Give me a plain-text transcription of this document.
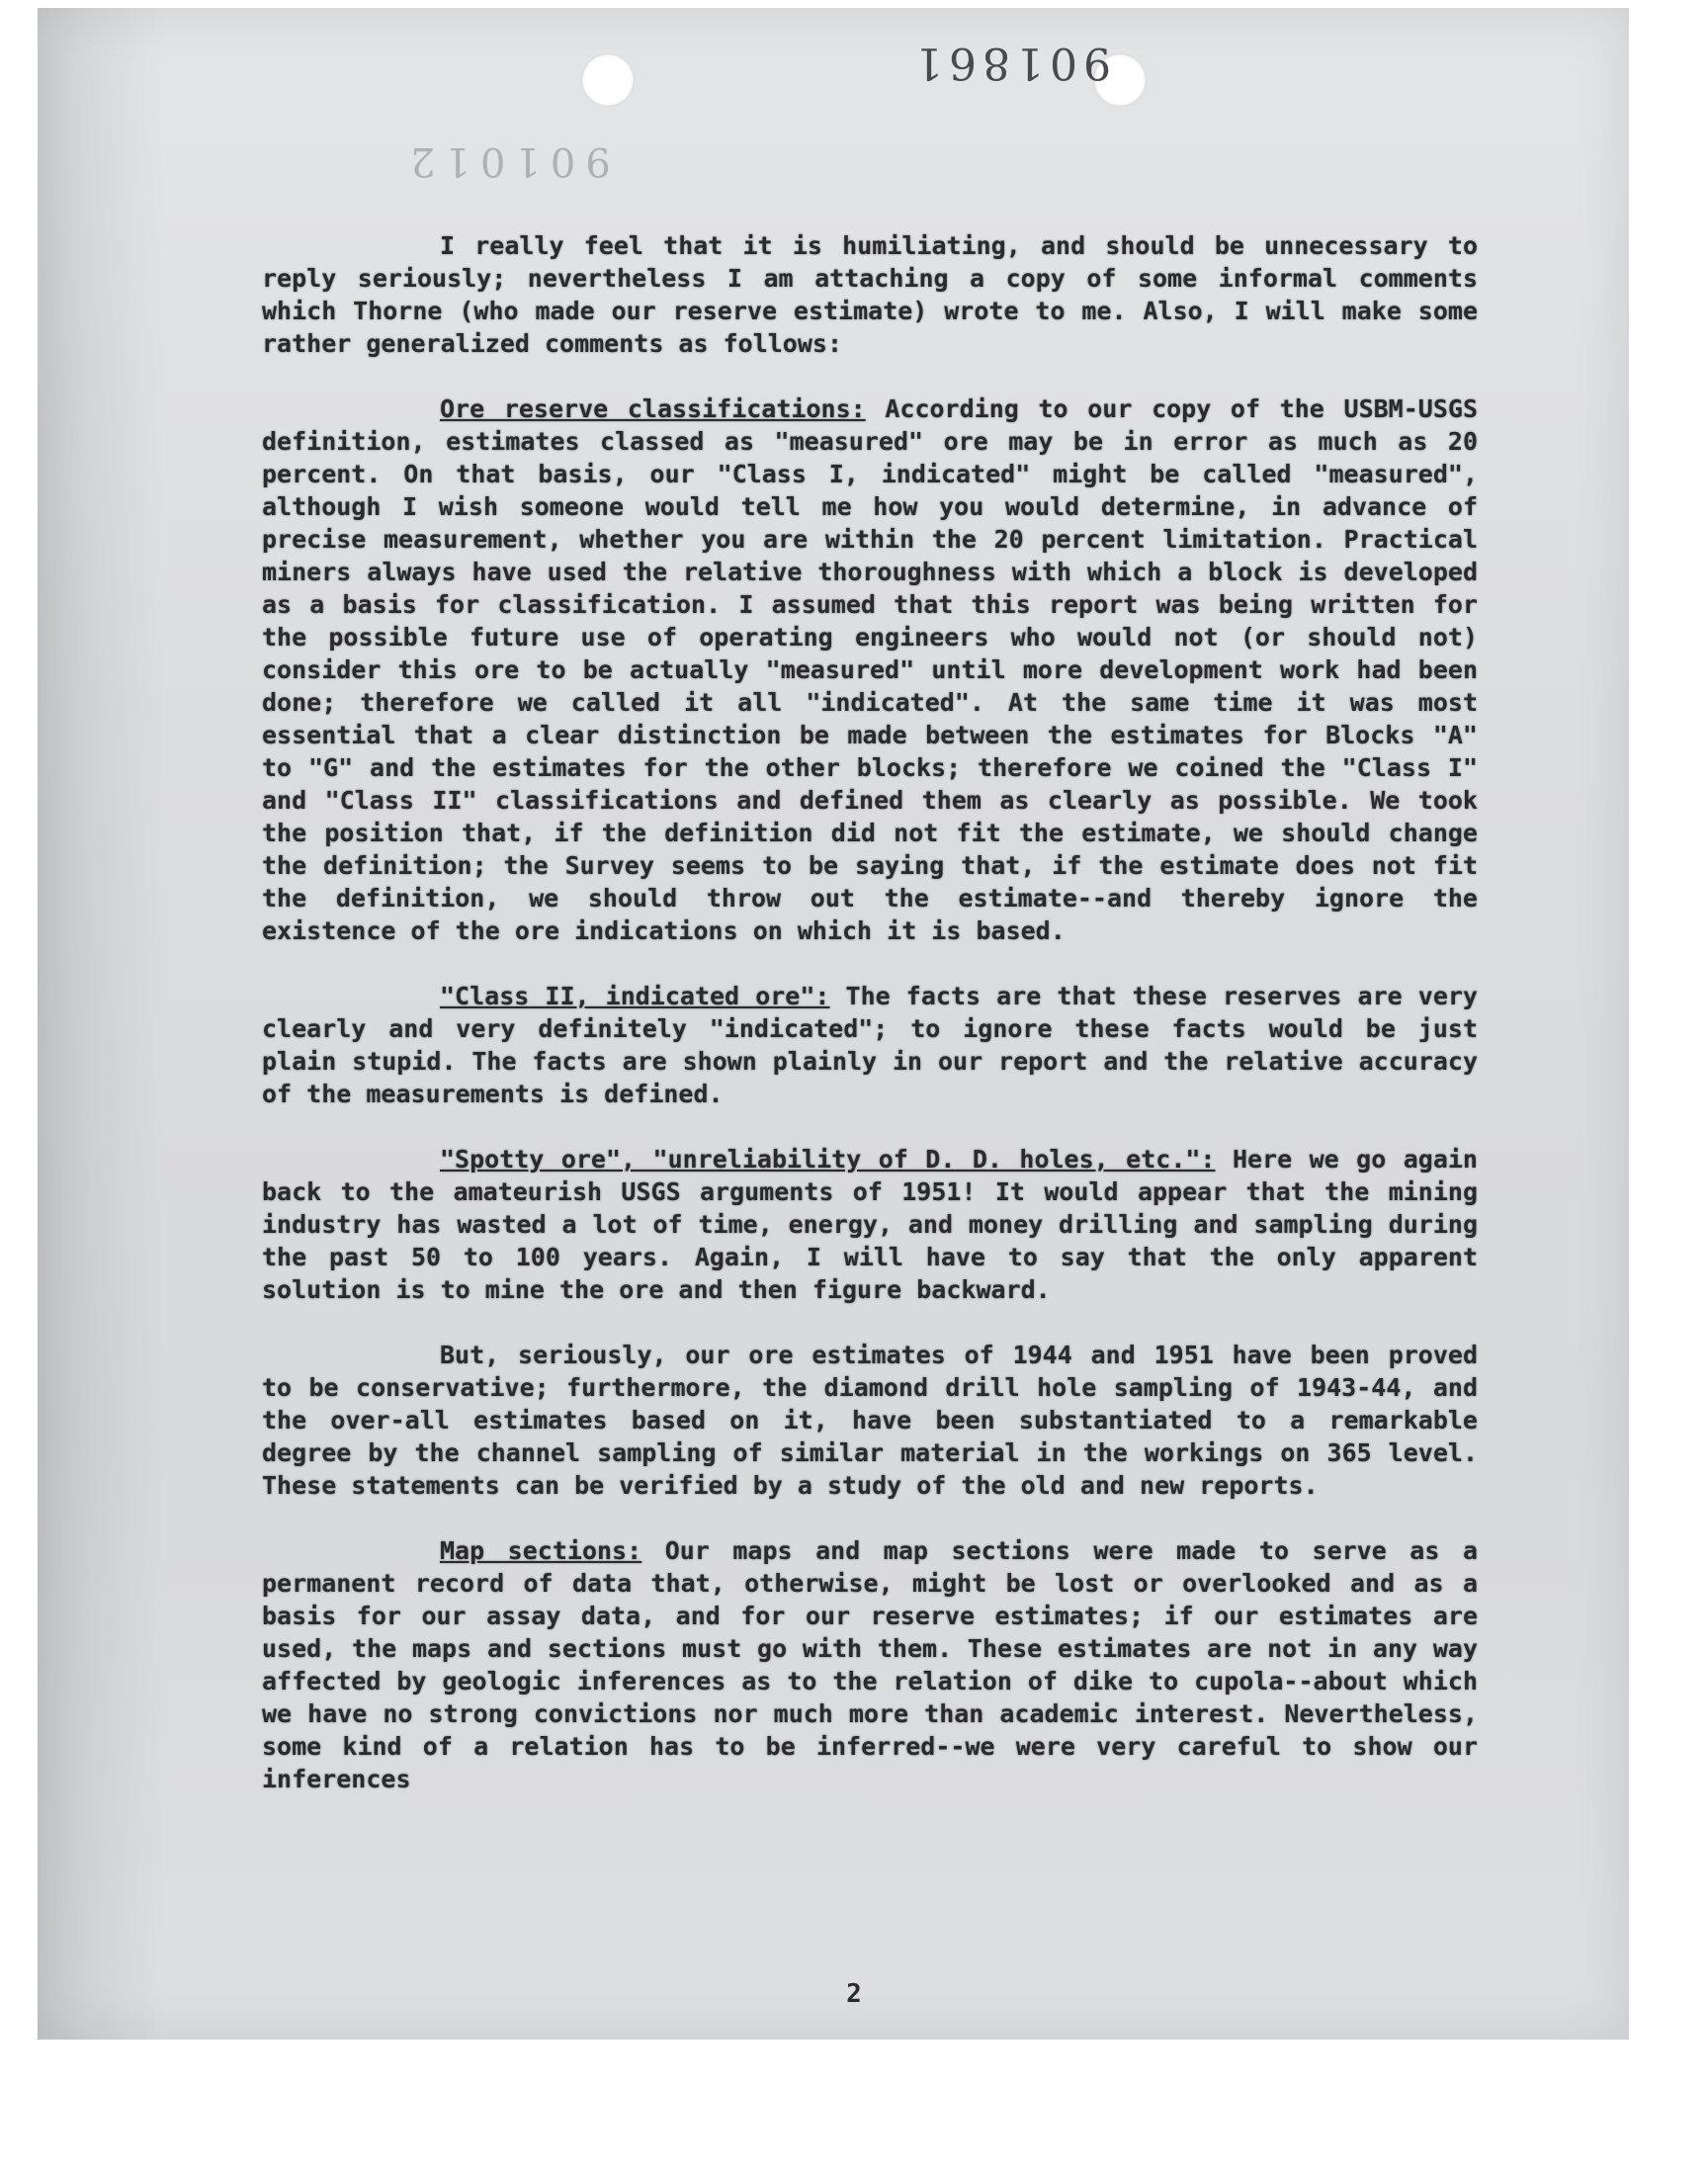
901861
901012

I really feel that it is humiliating, and should be unnecessary to reply seriously; nevertheless I am attaching a copy of some informal comments which Thorne (who made our reserve estimate) wrote to me. Also, I will make some rather generalized comments as follows:

Ore reserve classifications: According to our copy of the USBM-USGS definition, estimates classed as "measured" ore may be in error as much as 20 percent. On that basis, our "Class I, indicated" might be called "measured", although I wish someone would tell me how you would determine, in advance of precise measurement, whether you are within the 20 percent limitation. Practical miners always have used the relative thoroughness with which a block is developed as a basis for classification. I assumed that this report was being written for the possible future use of operating engineers who would not (or should not) consider this ore to be actually "measured" until more development work had been done; therefore we called it all "indicated". At the same time it was most essential that a clear distinction be made between the estimates for Blocks "A" to "G" and the estimates for the other blocks; therefore we coined the "Class I" and "Class II" classifications and defined them as clearly as possible. We took the position that, if the definition did not fit the estimate, we should change the definition; the Survey seems to be saying that, if the estimate does not fit the definition, we should throw out the estimate--and thereby ignore the existence of the ore indications on which it is based.

"Class II, indicated ore": The facts are that these reserves are very clearly and very definitely "indicated"; to ignore these facts would be just plain stupid. The facts are shown plainly in our report and the relative accuracy of the measurements is defined.

"Spotty ore", "unreliability of D. D. holes, etc.": Here we go again back to the amateurish USGS arguments of 1951! It would appear that the mining industry has wasted a lot of time, energy, and money drilling and sampling during the past 50 to 100 years. Again, I will have to say that the only apparent solution is to mine the ore and then figure backward.

But, seriously, our ore estimates of 1944 and 1951 have been proved to be conservative; furthermore, the diamond drill hole sampling of 1943-44, and the over-all estimates based on it, have been substantiated to a remarkable degree by the channel sampling of similar material in the workings on 365 level. These statements can be verified by a study of the old and new reports.

Map sections: Our maps and map sections were made to serve as a permanent record of data that, otherwise, might be lost or overlooked and as a basis for our assay data, and for our reserve estimates; if our estimates are used, the maps and sections must go with them. These estimates are not in any way affected by geologic inferences as to the relation of dike to cupola--about which we have no strong convictions nor much more than academic interest. Nevertheless, some kind of a relation has to be inferred--we were very careful to show our inferences

2
